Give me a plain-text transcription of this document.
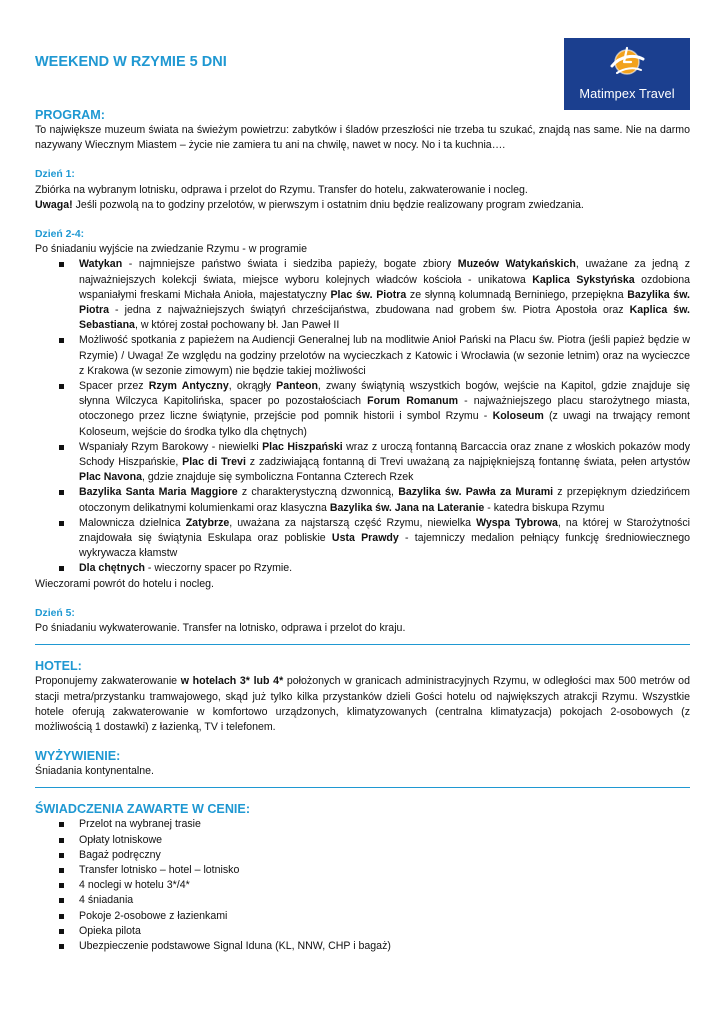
WEEKEND W RZYMIE 5 DNI
Matimpex Travel
PROGRAM:

To największe muzeum świata na świeżym powietrzu: zabytków i śladów przeszłości nie trzeba tu szukać, znajdą nas same. Nie na darmo nazywany Wiecznym Miastem – życie nie zamiera tu ani na chwilę, nawet w nocy. No i ta kuchnia….

Dzień 1:

Zbiórka na wybranym lotnisku, odprawa i przelot do Rzymu. Transfer do hotelu, zakwaterowanie i nocleg.

Uwaga! Jeśli pozwolą na to godziny przelotów, w pierwszym i ostatnim dniu będzie realizowany program zwiedzania.

Dzień 2-4:

Po śniadaniu wyjście na zwiedzanie Rzymu - w programie

Watykan - najmniejsze państwo świata i siedziba papieży, bogate zbiory Muzeów Watykańskich, uważane za jedną z najważniejszych kolekcji świata, miejsce wyboru kolejnych władców kościoła - unikatowa Kaplica Sykstyńska ozdobiona wspaniałymi freskami Michała Anioła, majestatyczny Plac św. Piotra ze słynną kolumnadą Berniniego, przepiękna Bazylika św. Piotra - jedna z najważniejszych świątyń chrześcijaństwa, zbudowana nad grobem św. Piotra Apostoła oraz Kaplica św. Sebastiana, w której został pochowany bł. Jan Paweł II
Możliwość spotkania z papieżem na Audiencji Generalnej lub na modlitwie Anioł Pański na Placu św. Piotra (jeśli papież będzie w Rzymie) / Uwaga! Ze względu na godziny przelotów na wycieczkach z Katowic i Wrocławia (w sezonie letnim) oraz na wycieczce z Krakowa (w sezonie zimowym) nie będzie takiej możliwości
Spacer przez Rzym Antyczny, okrągły Panteon, zwany świątynią wszystkich bogów, wejście na Kapitol, gdzie znajduje się słynna Wilczyca Kapitolińska, spacer po pozostałościach Forum Romanum - najważniejszego placu starożytnego miasta, otoczonego przez liczne świątynie, przejście pod pomnik historii i symbol Rzymu - Koloseum (z uwagi na trwający remont Koloseum, wejście do środka tylko dla chętnych)
Wspaniały Rzym Barokowy - niewielki Plac Hiszpański wraz z uroczą fontanną Barcaccia oraz znane z włoskich pokazów mody Schody Hiszpańskie, Plac di Trevi z zadziwiającą fontanną di Trevi uważaną za najpiękniejszą fontannę świata, pełen artystów Plac Navona, gdzie znajduje się symboliczna Fontanna Czterech Rzek
Bazylika Santa Maria Maggiore z charakterystyczną dzwonnicą, Bazylika św. Pawła za Murami z przepięknym dziedzińcem otoczonym delikatnymi kolumienkami oraz klasyczna Bazylika św. Jana na Lateranie - katedra biskupa Rzymu
Malownicza dzielnica Zatybrze, uważana za najstarszą część Rzymu, niewielka Wyspa Tybrowa, na której w Starożytności znajdowała się świątynia Eskulapa oraz pobliskie Usta Prawdy - tajemniczy medalion pełniący funkcję średniowiecznego wykrywacza kłamstw
Dla chętnych - wieczorny spacer po Rzymie.

Wieczorami powrót do hotelu i nocleg.

Dzień 5:

Po śniadaniu wykwaterowanie. Transfer na lotnisko, odprawa i przelot do kraju.

HOTEL:

Proponujemy zakwaterowanie w hotelach 3* lub 4* położonych w granicach administracyjnych Rzymu, w odległości max 500 metrów od stacji metra/przystanku tramwajowego, skąd już tylko kilka przystanków dzieli Gości hotelu od największych atrakcji Rzymu. Wszystkie hotele oferują zakwaterowanie w komfortowo urządzonych, klimatyzowanych (centralna klimatyzacja) pokojach 2-osobowych (z możliwością 1 dostawki) z łazienką, TV i telefonem.

WYŻYWIENIE:

Śniadania kontynentalne.

ŚWIADCZENIA ZAWARTE W CENIE:
Przelot na wybranej trasie
Opłaty lotniskowe
Bagaż podręczny
Transfer lotnisko – hotel – lotnisko
4 noclegi w hotelu 3*/4*
4 śniadania
Pokoje 2-osobowe z łazienkami
Opieka pilota
Ubezpieczenie podstawowe Signal Iduna (KL, NNW, CHP i bagaż)
